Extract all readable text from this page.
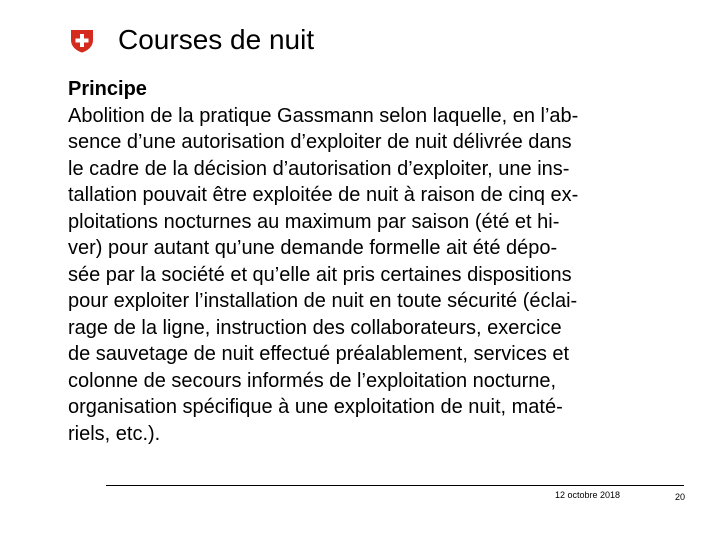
Courses de nuit

Principe

Abolition de la pratique Gassmann selon laquelle, en l’ab-

sence d’une autorisation d’exploiter de nuit délivrée dans

le cadre de la décision d’autorisation d’exploiter, une ins-

tallation pouvait être exploitée de nuit à raison de cinq ex-

ploitations nocturnes au maximum par saison (été et hi-

ver) pour autant qu’une demande formelle ait été dépo-

sée par la société et qu’elle ait pris certaines dispositions

pour exploiter l’installation de nuit en toute sécurité (éclai-

rage de la ligne, instruction des collaborateurs, exercice

de sauvetage de nuit effectué préalablement, services et

colonne de secours informés de l’exploitation nocturne,

organisation spécifique à une exploitation de nuit, maté-

riels, etc.).

12 octobre 2018	20
